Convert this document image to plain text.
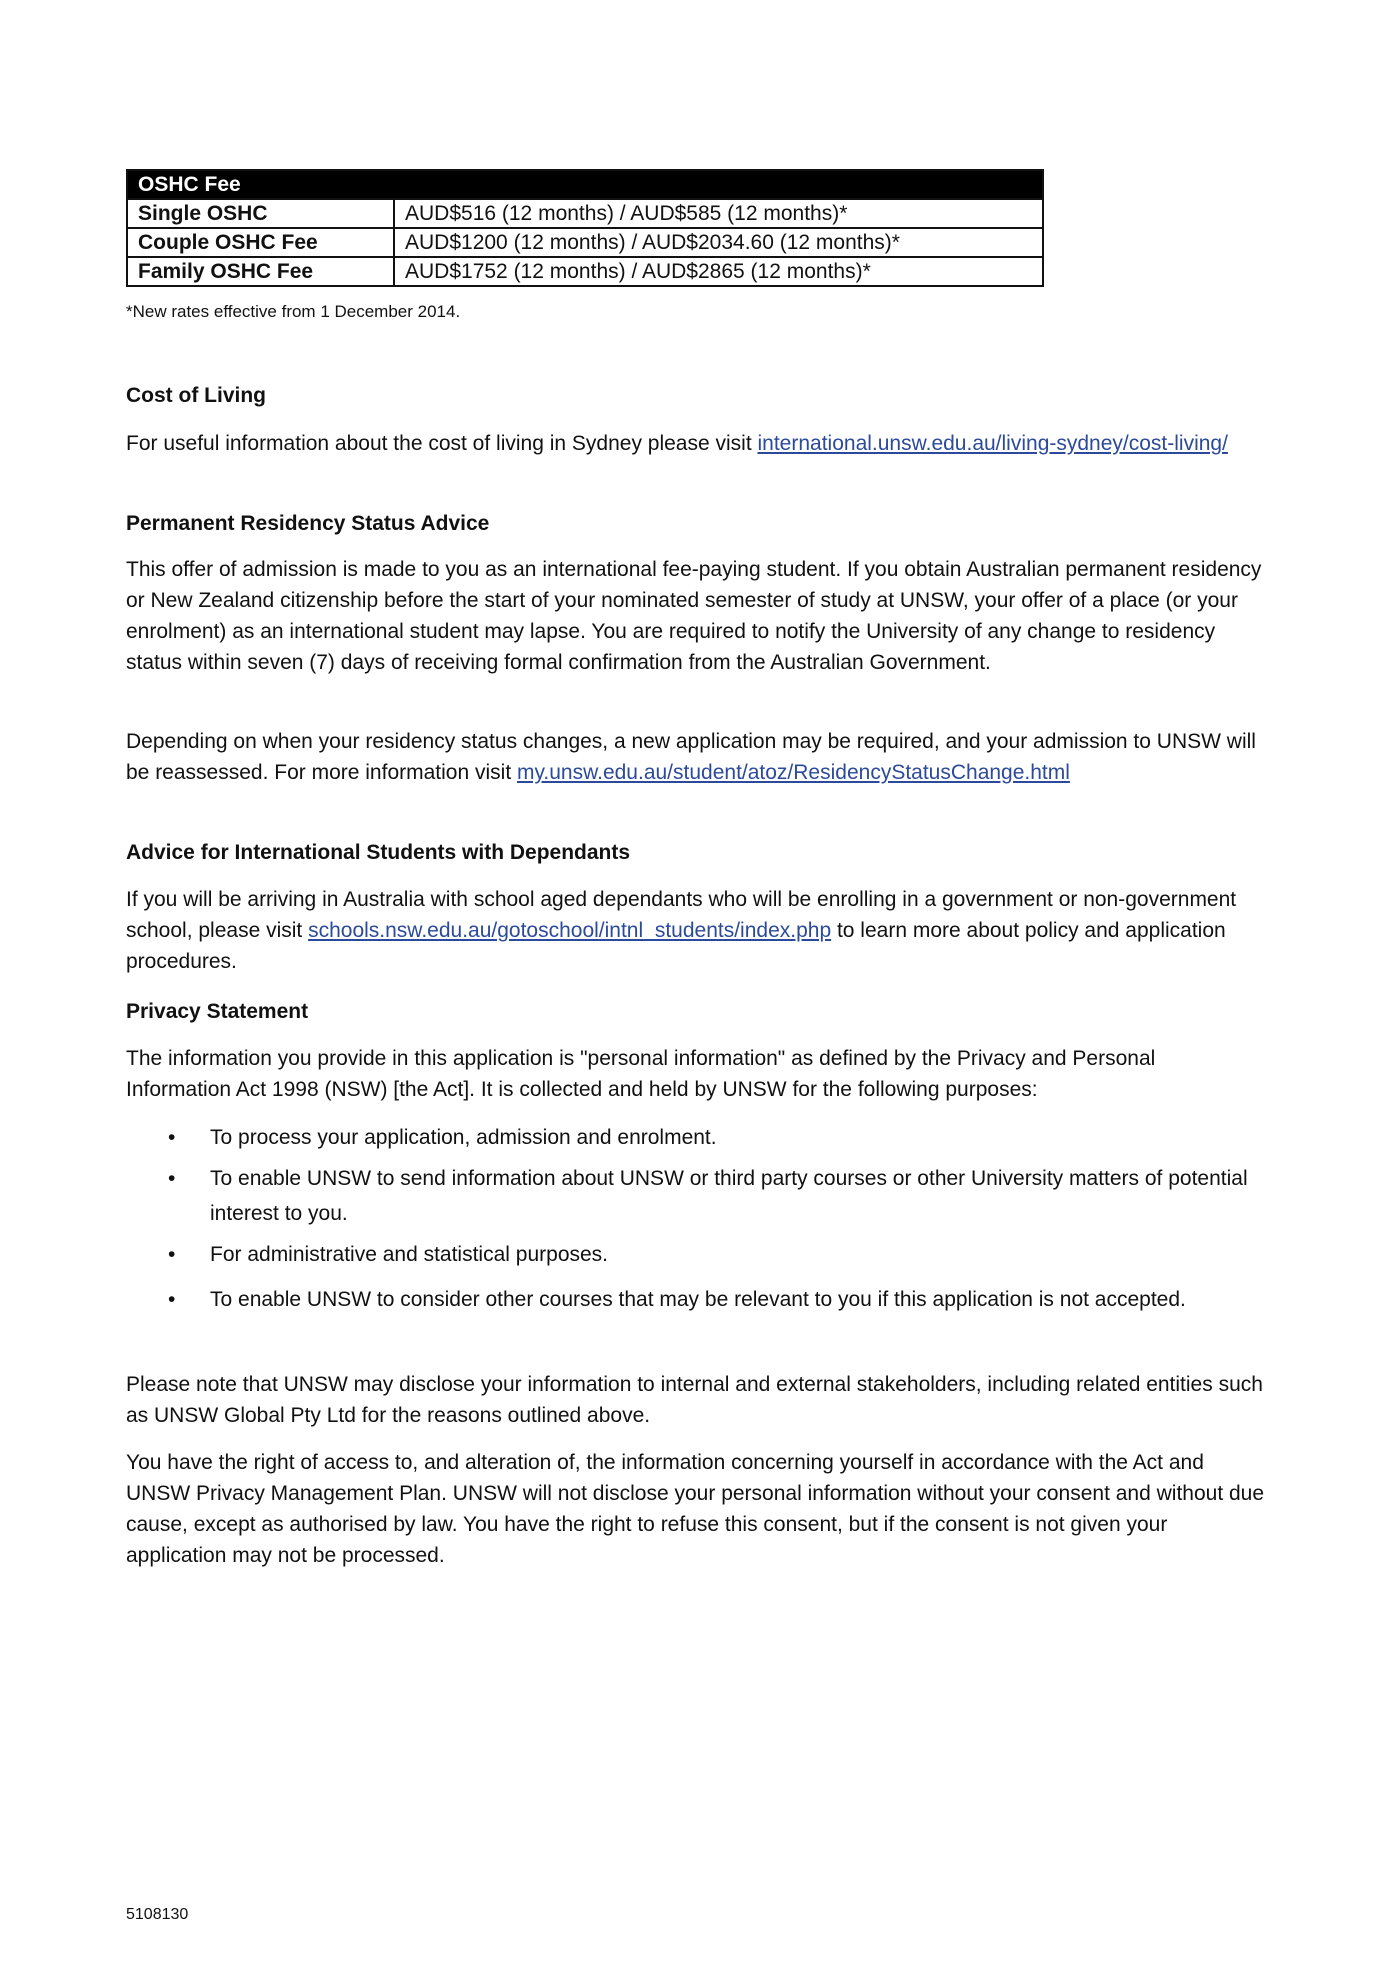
OSHC Fee	
Single OSHC	AUD$516 (12 months) / AUD$585 (12 months)*
Couple OSHC Fee	AUD$1200 (12 months) / AUD$2034.60 (12 months)*
Family OSHC Fee	AUD$1752 (12 months) / AUD$2865 (12 months)*
*New rates effective from 1 December 2014.
Cost of Living

For useful information about the cost of living in Sydney please visit international.unsw.edu.au/living-sydney/cost-living/

Permanent Residency Status Advice

This offer of admission is made to you as an international fee-paying student. If you obtain Australian permanent residency or New Zealand citizenship before the start of your nominated semester of study at UNSW, your offer of a place (or your enrolment) as an international student may lapse. You are required to notify the University of any change to residency status within seven (7) days of receiving formal confirmation from the Australian Government.

Depending on when your residency status changes, a new application may be required, and your admission to UNSW will be reassessed. For more information visit my.unsw.edu.au/student/atoz/ResidencyStatusChange.html

Advice for International Students with Dependants

If you will be arriving in Australia with school aged dependants who will be enrolling in a government or non-government school, please visit schools.nsw.edu.au/gotoschool/intnl_students/index.php to learn more about policy and application procedures.

Privacy Statement

The information you provide in this application is "personal information" as defined by the Privacy and Personal Information Act 1998 (NSW) [the Act]. It is collected and held by UNSW for the following purposes:

• To process your application, admission and enrolment.
• To enable UNSW to send information about UNSW or third party courses or other University matters of potential interest to you.
• For administrative and statistical purposes.
• To enable UNSW to consider other courses that may be relevant to you if this application is not accepted.

Please note that UNSW may disclose your information to internal and external stakeholders, including related entities such as UNSW Global Pty Ltd for the reasons outlined above.

You have the right of access to, and alteration of, the information concerning yourself in accordance with the Act and UNSW Privacy Management Plan. UNSW will not disclose your personal information without your consent and without due cause, except as authorised by law. You have the right to refuse this consent, but if the consent is not given your application may not be processed.

5108130
